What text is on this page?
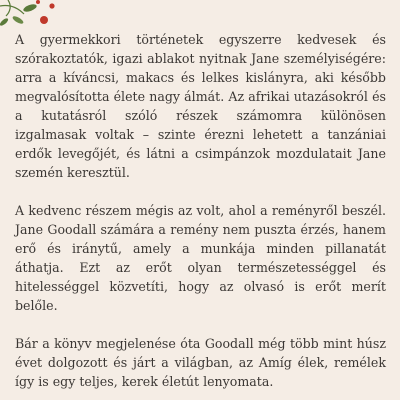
A gyermekkori történetek egyszerre kedvesek és szórakoztatók, igazi ablakot nyitnak Jane személyiségére: arra a kíváncsi, makacs és lelkes kislányra, aki később megvalósította élete nagy álmát. Az afrikai utazásokról és a kutatásról szóló részek számomra különösen izgalmasak voltak – szinte érezni lehetett a tanzániai erdők levegőjét, és látni a csimpánzok mozdulatait Jane szemén keresztül.

A kedvenc részem mégis az volt, ahol a reményről beszél. Jane Goodall számára a remény nem puszta érzés, hanem erő és iránytű, amely a munkája minden pillanatát áthatja. Ezt az erőt olyan természetességgel és hitelességgel közvetíti, hogy az olvasó is erőt merít belőle.

Bár a könyv megjelenése óta Goodall még több mint húsz évet dolgozott és járt a világban, az Amíg élek, remélek így is egy teljes, kerek életút lenyomata.
